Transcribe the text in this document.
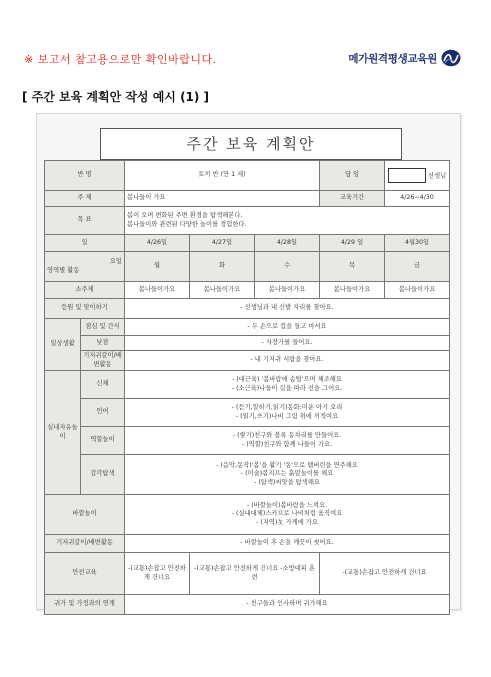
※ 보고서 참고용으로만 확인바랍니다.	메가원격평생교육원
[ 주간 보육 계획안 작성 예시 (1) ]
주간 보육 계획안
반 명		토끼 반 (만 1 세)			담 임	선생님
주 제		봄나들이 가요			교육기간	4/26~4/30
목 표		봄이 오며 변화된 주변 환경을 탐색해본다.
봄나들이와 관련된 다양한 놀이를 경험한다.				

일		4/26일	4/27일	4/28일	4/29 일	4월30일

요일
영역별 활동		월	화	수	목	금
소주제		봄나들이가요	봄나들이가요	봄나들이가요	봄나들이가요	봄나들이가요
등원 및 맞이하기		- 선생님과 내 신발 자리를 찾아요.				
일상생활	점심 및 간식	- 두 손으로 컵을 들고 마셔요				
	낮잠	- 자장가를 들어요.				
	기저귀갈이/배변활동	- 내 기저귀 서랍을 찾아요.				
실내자유놀이	신체	- (대근육) '봄바람에 솜털'으며 체조해요
- (소근육)나들이 길을 따라 선을 그어요.				

	언어	- (듣기,말하기,읽기)동화:미운 아기 오리
- (읽기,쓰기)나비 그림 위에 끼적여요				

	역할놀이	- (쌓기)친구와 블록 동차리를 만들어요.
- (역할)친구와 함께 나들이 가요.				

	감각탐색	- (음악,동작)'봄'을 활기 '동'으로 탬버린을 연주해요
- (미술)봄지프는 흙말놀이를 해요
- (탐색)씨앗을 탐색해요				

바깥놀이		- (바깥놀이)봄바람을 느껴요.
- (실내대체)스카프로 나비처럼 움직여요
- (지역)놋 가게에 가요				

기저귀갈이/배변활동		- 바깥놀이 후 손을 깨끗이 씻어요.				
안전교육		-(교통)손잡고 안전하게 건너요	-(교통)손잡고 안전하게 건너요 -소방대피 훈련		-(교통)손잡고 안전하게 건너요	
귀가 및 가정과의 연계		- 친구들과 인사하며 귀가해요				
